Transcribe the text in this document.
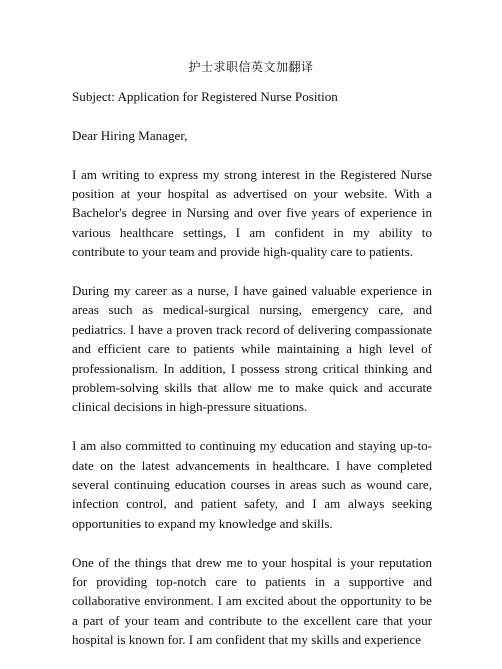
护士求职信英文加翻译

Subject: Application for Registered Nurse Position

Dear Hiring Manager,

I am writing to express my strong interest in the Registered Nurse position at your hospital as advertised on your website. With a Bachelor's degree in Nursing and over five years of experience in various healthcare settings, I am confident in my ability to contribute to your team and provide high-quality care to patients.

During my career as a nurse, I have gained valuable experience in areas such as medical-surgical nursing, emergency care, and pediatrics. I have a proven track record of delivering compassionate and efficient care to patients while maintaining a high level of professionalism. In addition, I possess strong critical thinking and problem-solving skills that allow me to make quick and accurate clinical decisions in high-pressure situations.

I am also committed to continuing my education and staying up-to-date on the latest advancements in healthcare. I have completed several continuing education courses in areas such as wound care, infection control, and patient safety, and I am always seeking opportunities to expand my knowledge and skills.

One of the things that drew me to your hospital is your reputation for providing top-notch care to patients in a supportive and collaborative environment. I am excited about the opportunity to be a part of your team and contribute to the excellent care that your hospital is known for. I am confident that my skills and experience
